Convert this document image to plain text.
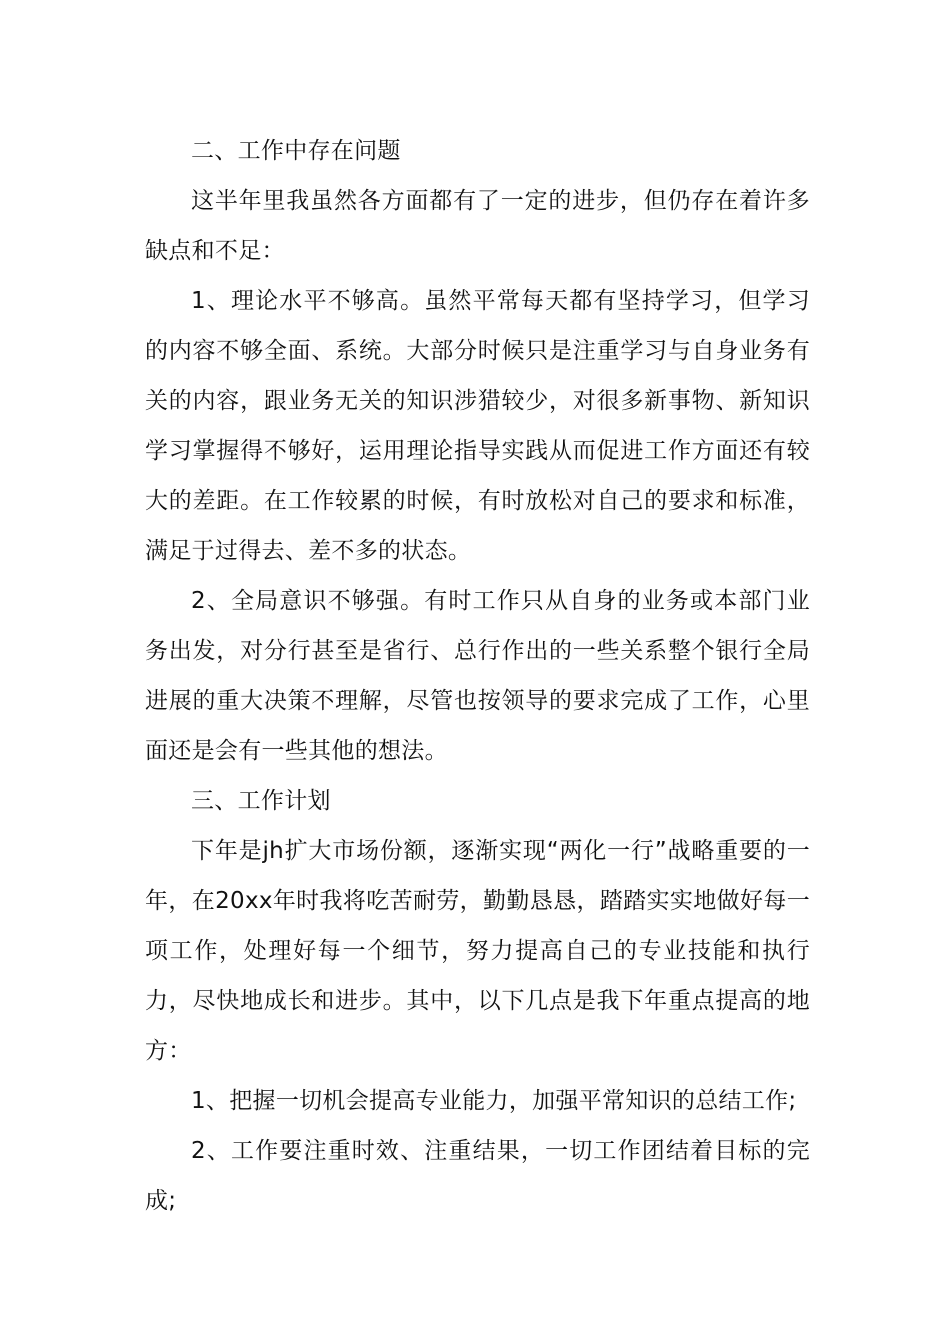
二、工作中存在问题

这半年里我虽然各方面都有了一定的进步，但仍存在着许多缺点和不足：

1、理论水平不够高。虽然平常每天都有坚持学习，但学习的内容不够全面、系统。大部分时候只是注重学习与自身业务有关的内容，跟业务无关的知识涉猎较少，对很多新事物、新知识学习掌握得不够好，运用理论指导实践从而促进工作方面还有较大的差距。在工作较累的时候，有时放松对自己的要求和标准，满足于过得去、差不多的状态。

2、全局意识不够强。有时工作只从自身的业务或本部门业务出发，对分行甚至是省行、总行作出的一些关系整个银行全局进展的重大决策不理解，尽管也按领导的要求完成了工作，心里面还是会有一些其他的想法。

三、工作计划

下年是jh扩大市场份额，逐渐实现“两化一行”战略重要的一年，在20xx年时我将吃苦耐劳，勤勤恳恳，踏踏实实地做好每一项工作，处理好每一个细节，努力提高自己的专业技能和执行力，尽快地成长和进步。其中，以下几点是我下年重点提高的地方：

1、把握一切机会提高专业能力，加强平常知识的总结工作;

2、工作要注重时效、注重结果，一切工作团结着目标的完成;
